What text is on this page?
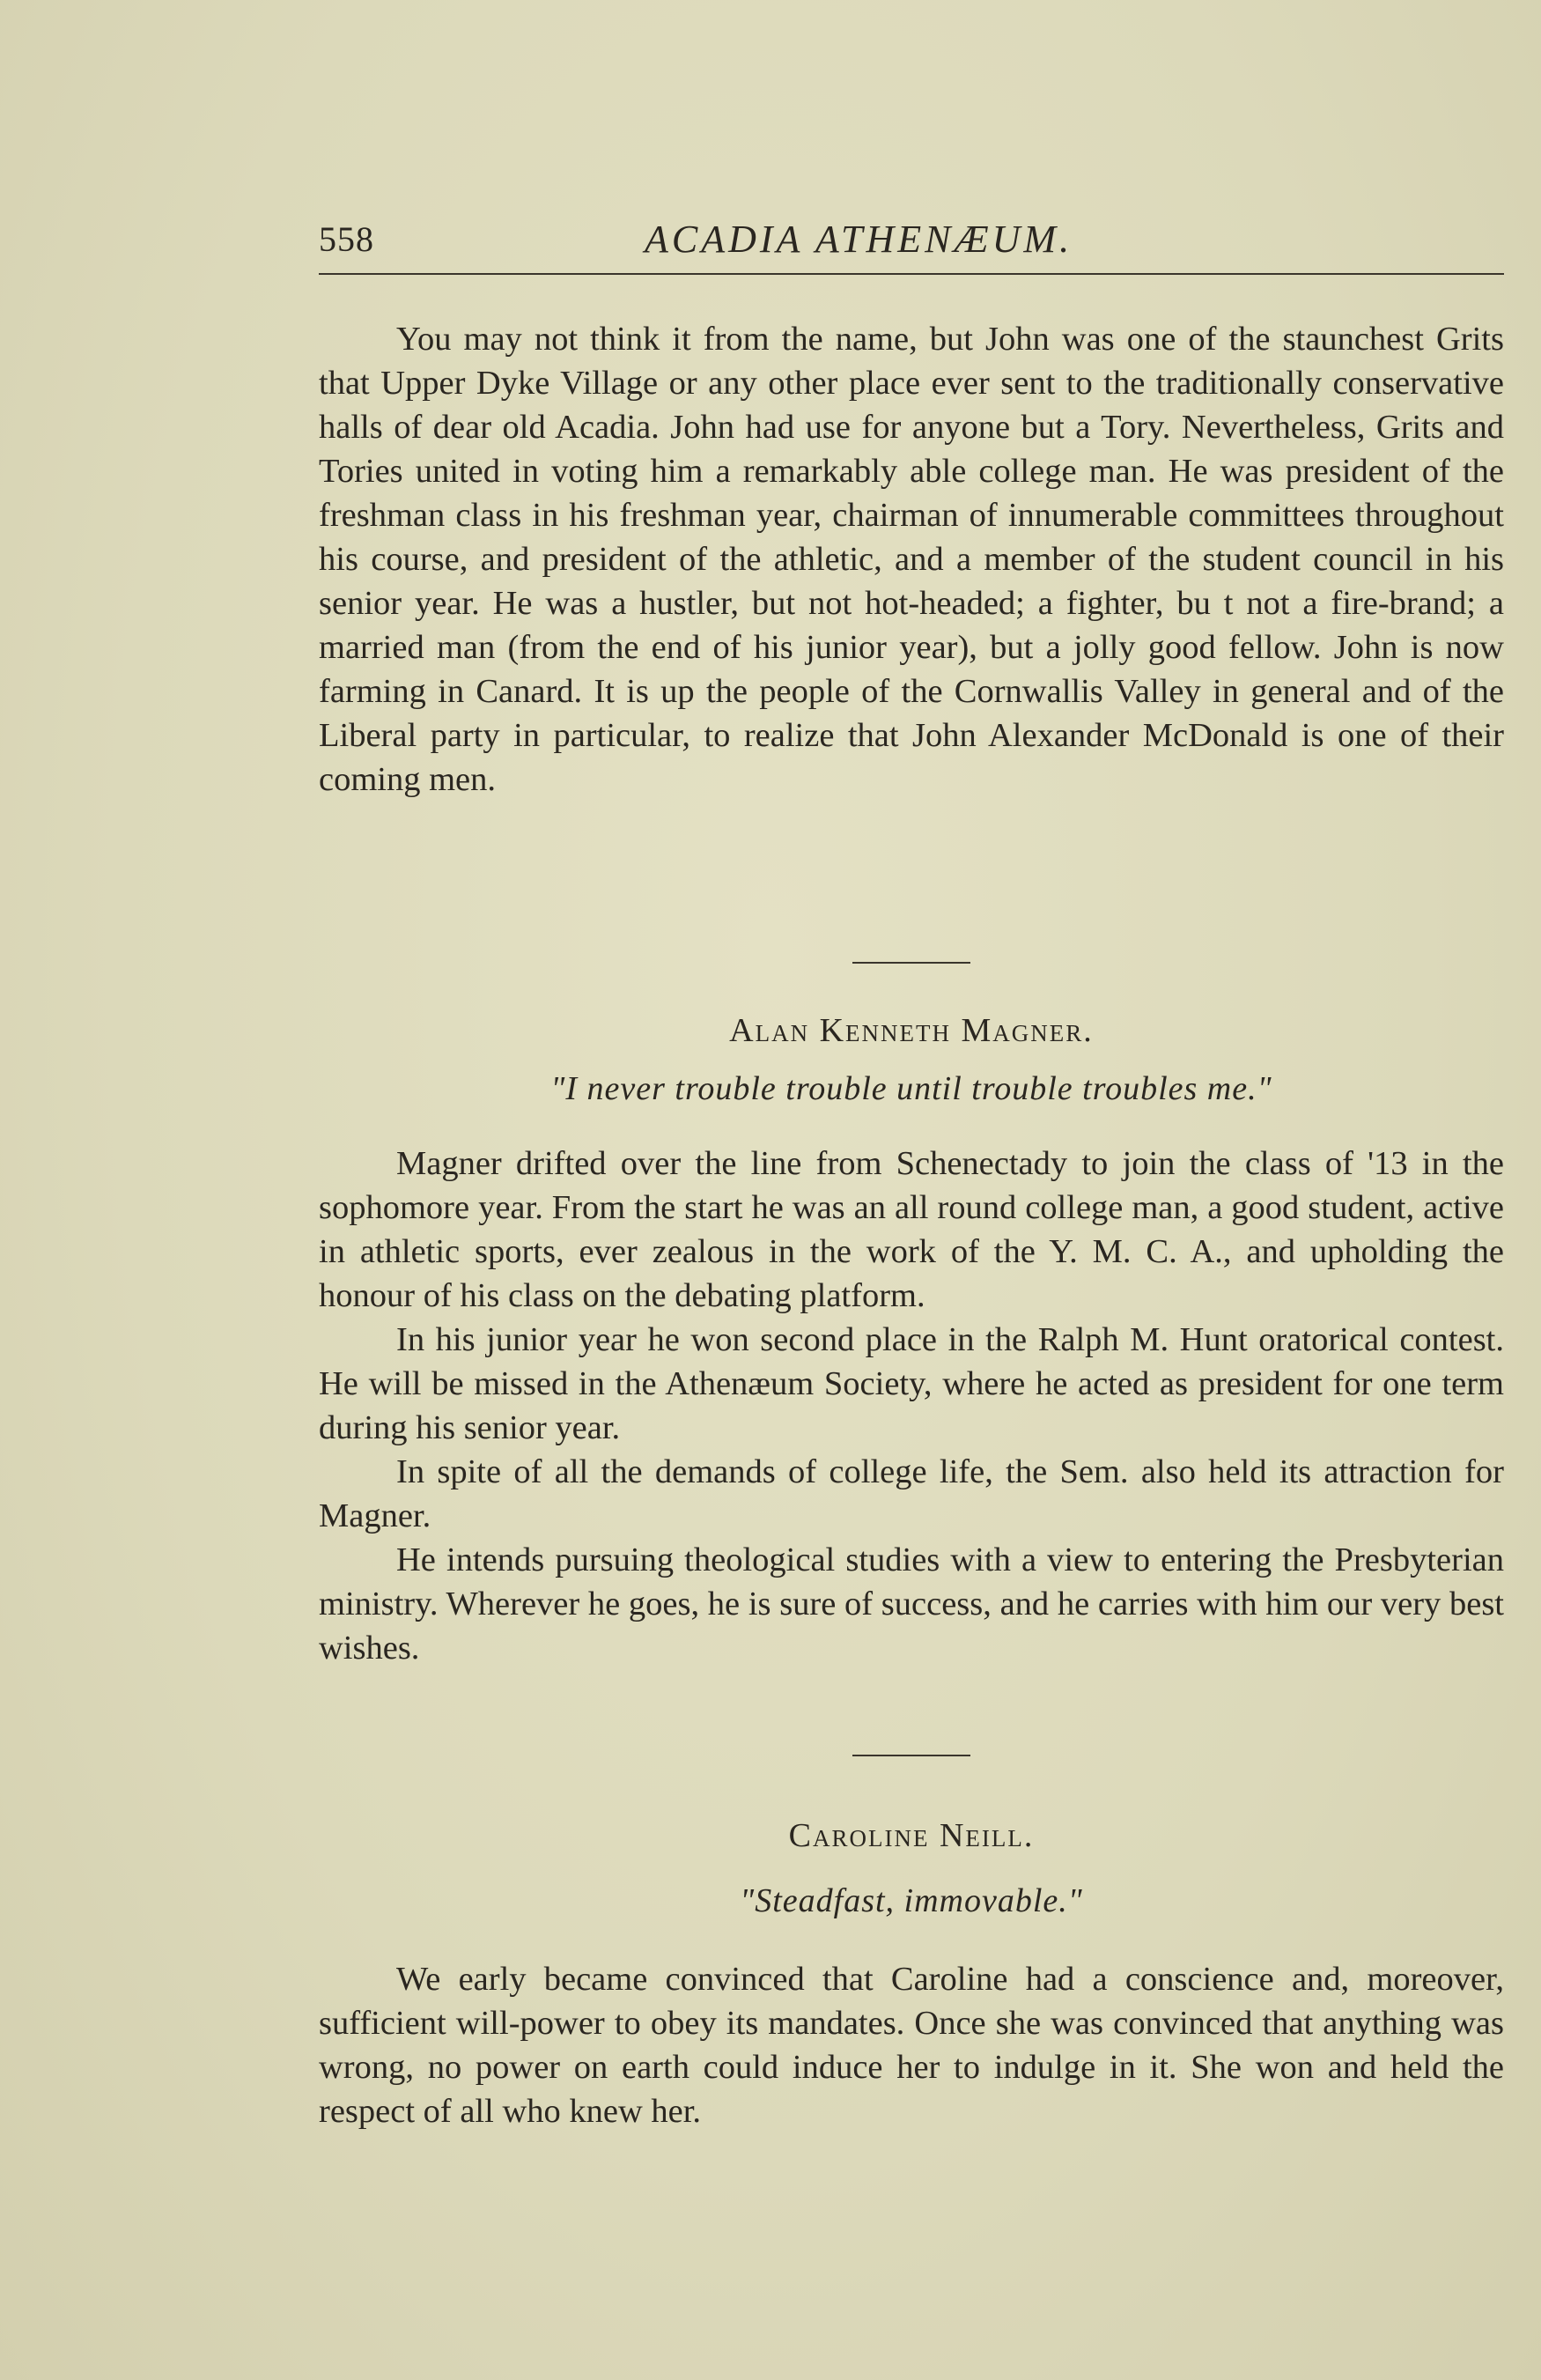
558	ACADIA ATHENÆUM.

You may not think it from the name, but John was one of the staunchest Grits that Upper Dyke Village or any other place ever sent to the traditionally conservative halls of dear old Acadia. John had use for anyone but a Tory. Nevertheless, Grits and Tories united in voting him a remarkably able college man. He was president of the freshman class in his freshman year, chairman of innumerable committees throughout his course, and president of the athletic, and a member of the student council in his senior year. He was a hustler, but not hot-headed; a fighter, bu t not a fire-brand; a married man (from the end of his junior year), but a jolly good fellow. John is now farming in Canard. It is up the people of the Cornwallis Valley in general and of the Liberal party in particular, to realize that John Alexander McDonald is one of their coming men.

Alan Kenneth Magner.
"I never trouble trouble until trouble troubles me."

Magner drifted over the line from Schenectady to join the class of '13 in the sophomore year. From the start he was an all round college man, a good student, active in athletic sports, ever zealous in the work of the Y. M. C. A., and upholding the honour of his class on the debating platform.

In his junior year he won second place in the Ralph M. Hunt oratorical contest. He will be missed in the Athenæum Society, where he acted as president for one term during his senior year.

In spite of all the demands of college life, the Sem. also held its attraction for Magner.

He intends pursuing theological studies with a view to entering the Presbyterian ministry. Wherever he goes, he is sure of success, and he carries with him our very best wishes.

Caroline Neill.
"Steadfast, immovable."

We early became convinced that Caroline had a conscience and, moreover, sufficient will-power to obey its mandates. Once she was convinced that anything was wrong, no power on earth could induce her to indulge in it. She won and held the respect of all who knew her.
